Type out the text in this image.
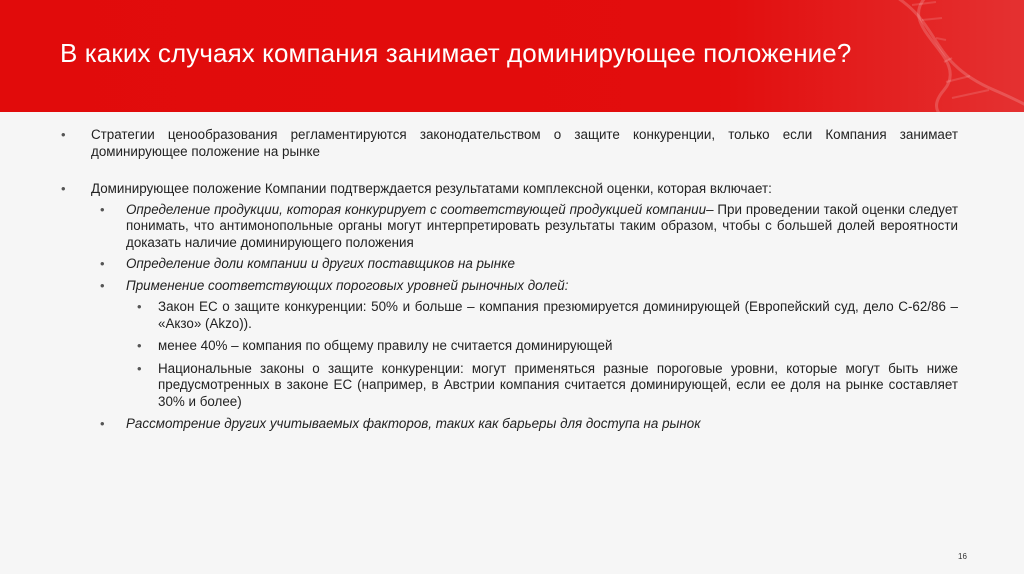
В каких случаях компания занимает доминирующее положение?
• Стратегии ценообразования регламентируются законодательством о защите конкуренции, только если Компания занимает доминирующее положение на рынке
• Доминирующее положение Компании подтверждается результатами комплексной оценки, которая включает:
• Определение продукции, которая конкурирует с соответствующей продукцией компании– При проведении такой оценки следует понимать, что антимонопольные органы могут интерпретировать результаты таким образом, чтобы с большей долей вероятности доказать наличие доминирующего положения
• Определение доли компании и других поставщиков на рынке
• Применение соответствующих пороговых уровней рыночных долей:
• Закон ЕС о защите конкуренции: 50% и больше – компания презюмируется доминирующей (Европейский суд, дело С-62/86 – «Акзо» (Akzo)).
• менее 40% – компания по общему правилу не считается доминирующей
• Национальные законы о защите конкуренции: могут применяться разные пороговые уровни, которые могут быть ниже предусмотренных в законе ЕС (например, в Австрии компания считается доминирующей, если ее доля на рынке составляет 30% и более)
• Рассмотрение других учитываемых факторов, таких как барьеры для доступа на рынок
16
